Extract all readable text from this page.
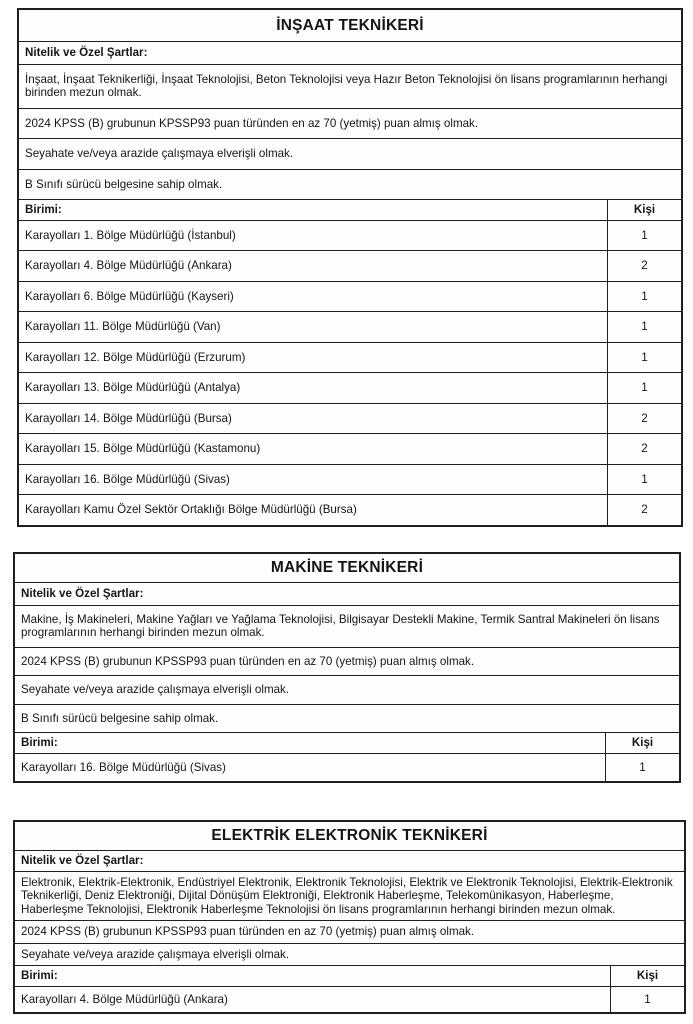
İNŞAAT TEKNİKERİ
Nitelik ve Özel Şartlar:
İnşaat, İnşaat Teknikerliği, İnşaat Teknolojisi, Beton Teknolojisi veya Hazır Beton Teknolojisi ön lisans programlarının herhangi birinden mezun olmak.
2024 KPSS (B) grubunun KPSSP93 puan türünden en az 70 (yetmiş) puan almış olmak.
Seyahate ve/veya arazide çalışmaya elverişli olmak.
B Sınıfı sürücü belgesine sahip olmak.
Birimi:	Kişi
Karayolları 1. Bölge Müdürlüğü (İstanbul)	1
Karayolları 4. Bölge Müdürlüğü (Ankara)	2
Karayolları 6. Bölge Müdürlüğü (Kayseri)	1
Karayolları 11. Bölge Müdürlüğü (Van)	1
Karayolları 12. Bölge Müdürlüğü (Erzurum)	1
Karayolları 13. Bölge Müdürlüğü (Antalya)	1
Karayolları 14. Bölge Müdürlüğü (Bursa)	2
Karayolları 15. Bölge Müdürlüğü (Kastamonu)	2
Karayolları 16. Bölge Müdürlüğü (Sivas)	1
Karayolları Kamu Özel Sektör Ortaklığı Bölge Müdürlüğü (Bursa)	2
MAKİNE TEKNİKERİ
Nitelik ve Özel Şartlar:
Makine, İş Makineleri, Makine Yağları ve Yağlama Teknolojisi, Bilgisayar Destekli Makine, Termik Santral Makineleri ön lisans programlarının herhangi birinden mezun olmak.
2024 KPSS (B) grubunun KPSSP93 puan türünden en az 70 (yetmiş) puan almış olmak.
Seyahate ve/veya arazide çalışmaya elverişli olmak.
B Sınıfı sürücü belgesine sahip olmak.
Birimi:	Kişi
Karayolları 16. Bölge Müdürlüğü (Sivas)	1
ELEKTRİK ELEKTRONİK TEKNİKERİ
Nitelik ve Özel Şartlar:
Elektronik, Elektrik-Elektronik, Endüstriyel Elektronik, Elektronik Teknolojisi, Elektrik ve Elektronik Teknolojisi, Elektrik-Elektronik Teknikerliği, Deniz Elektroniği, Dijital Dönüşüm Elektroniği, Elektronik Haberleşme, Telekomünikasyon, Haberleşme, Haberleşme Teknolojisi, Elektronik Haberleşme Teknolojisi ön lisans programlarının herhangi birinden mezun olmak.
2024 KPSS (B) grubunun KPSSP93 puan türünden en az 70 (yetmiş) puan almış olmak.
Seyahate ve/veya arazide çalışmaya elverişli olmak.
Birimi:	Kişi
Karayolları 4. Bölge Müdürlüğü (Ankara)	1
